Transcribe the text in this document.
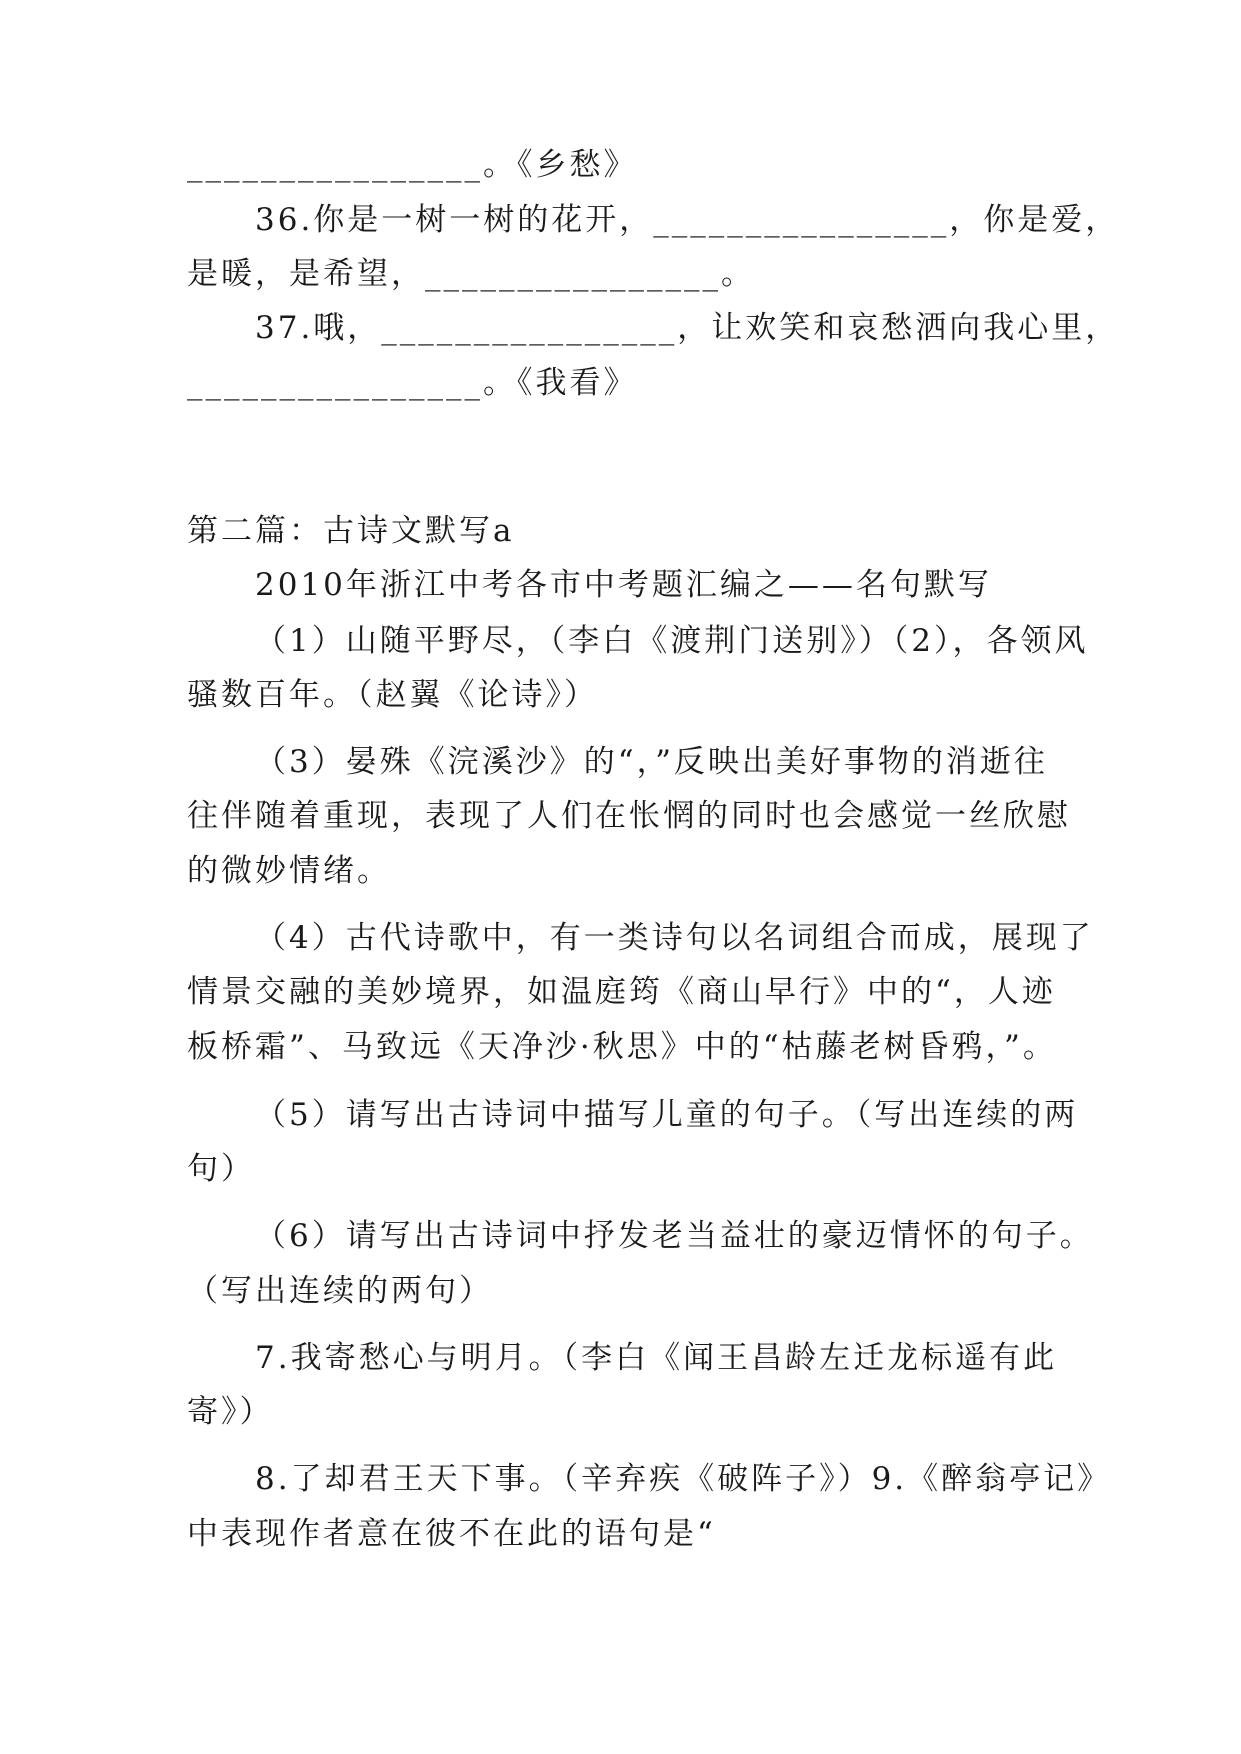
________________。《乡愁》
36.你是一树一树的花开，________________，你是爱，
是暖，是希望，________________。
37.哦，________________，让欢笑和哀愁洒向我心里，
________________。《我看》
第二篇：古诗文默写a
2010年浙江中考各市中考题汇编之——名句默写
（1）山随平野尽，（李白《渡荆门送别》）（2），各领风
骚数百年。（赵翼《论诗》）
（3）晏殊《浣溪沙》的“，”反映出美好事物的消逝往
往伴随着重现，表现了人们在怅惘的同时也会感觉一丝欣慰
的微妙情绪。
（4）古代诗歌中，有一类诗句以名词组合而成，展现了
情景交融的美妙境界，如温庭筠《商山早行》中的“，人迹
板桥霜”、马致远《天净沙·秋思》中的“枯藤老树昏鸦，”。
（5）请写出古诗词中描写儿童的句子。（写出连续的两
句）
（6）请写出古诗词中抒发老当益壮的豪迈情怀的句子。
（写出连续的两句）
7.我寄愁心与明月。（李白《闻王昌龄左迁龙标遥有此
寄》）
8.了却君王天下事。（辛弃疾《破阵子》）9.《醉翁亭记》
中表现作者意在彼不在此的语句是“
